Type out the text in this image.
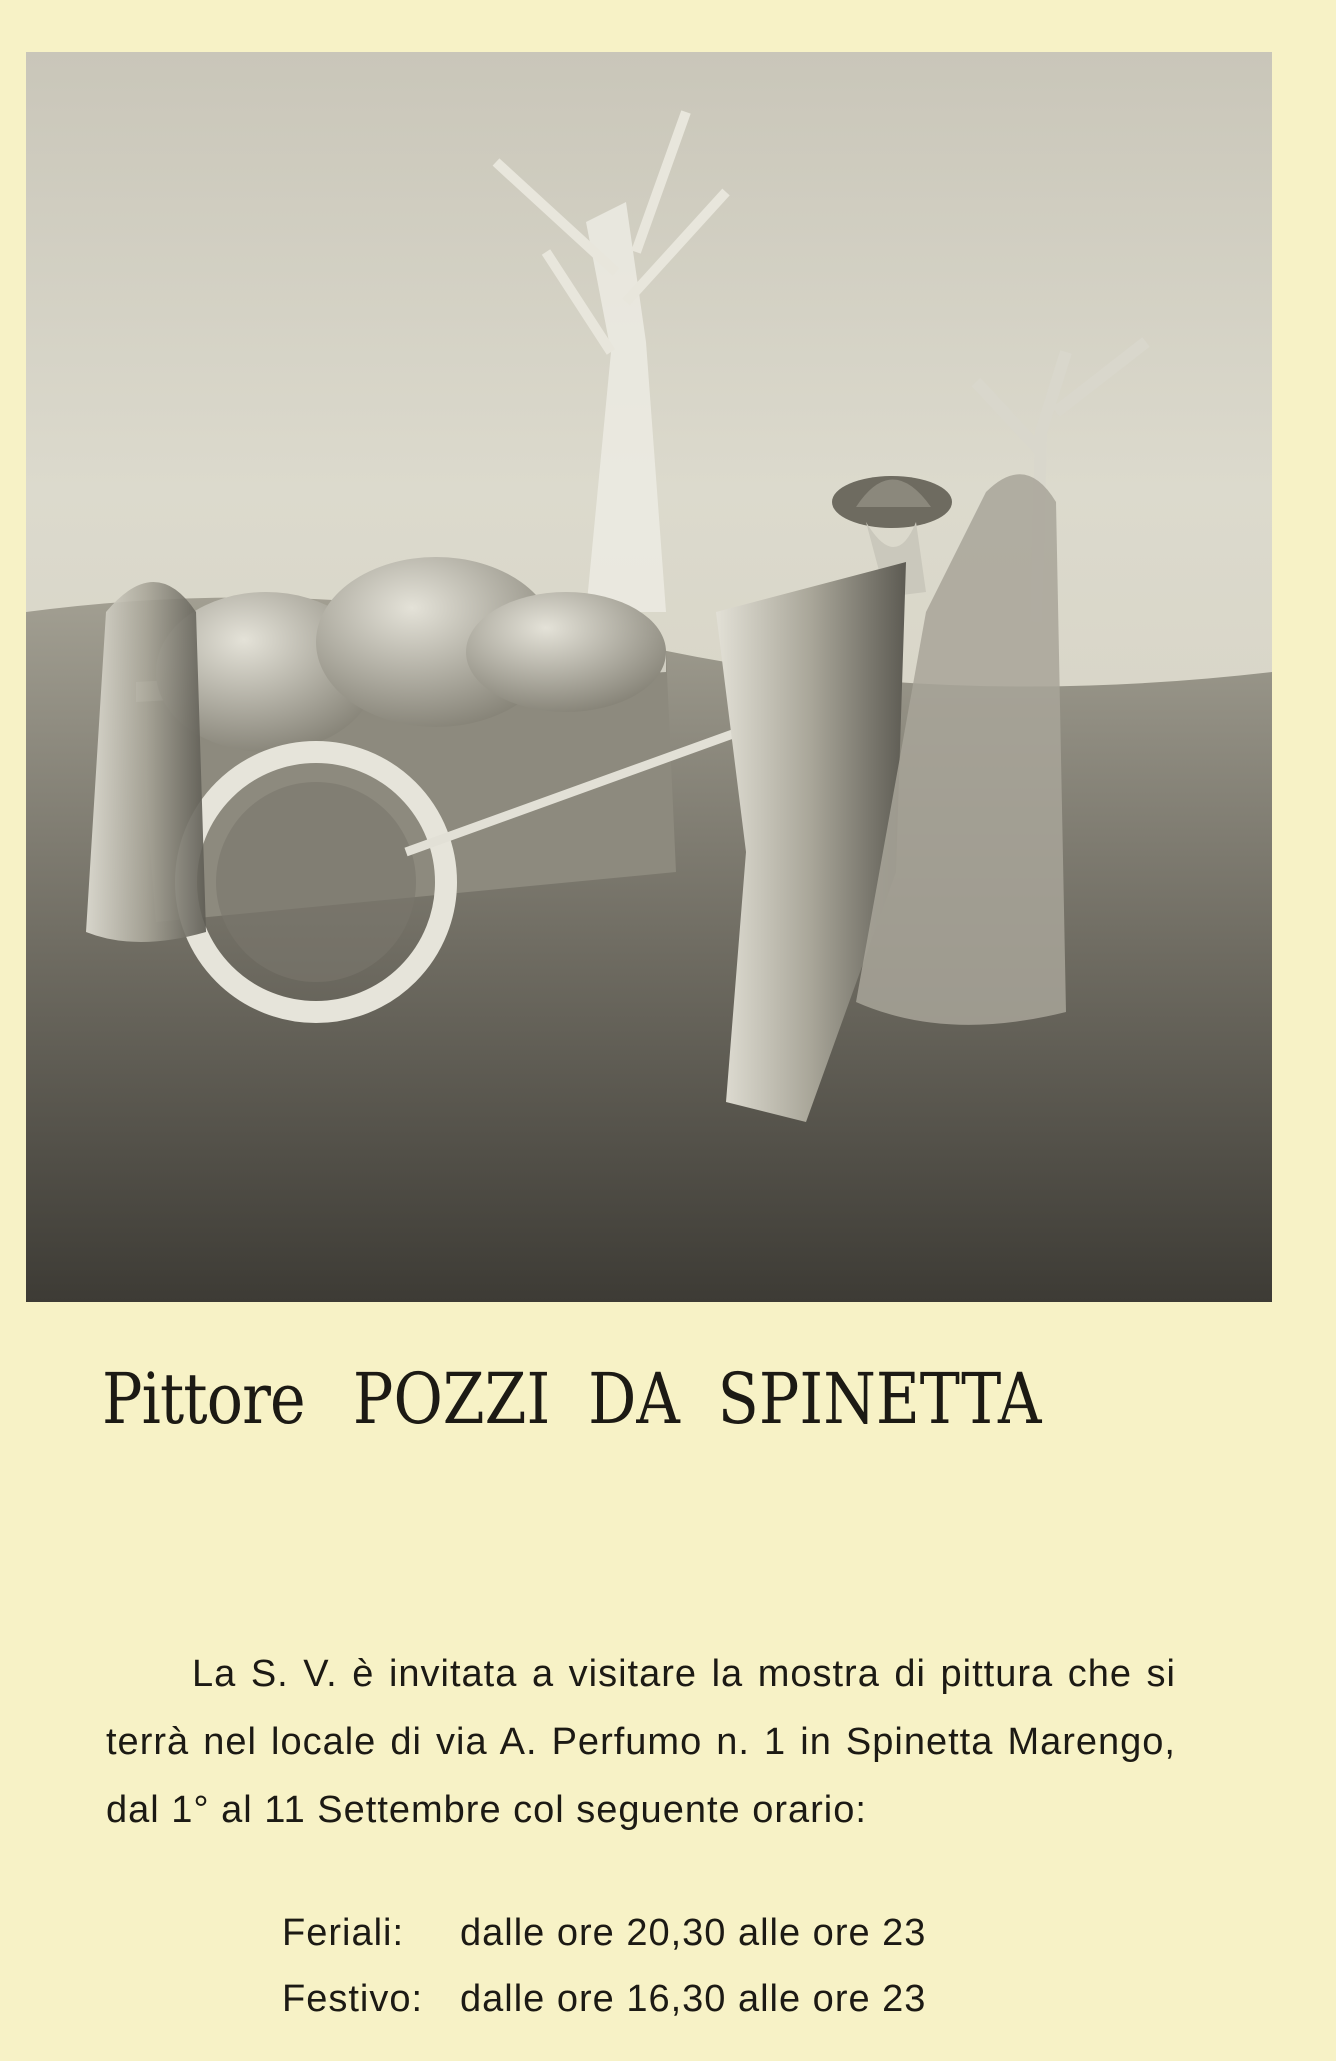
Pittore POZZI DA SPINETTA

La S. V. è invitata a visitare la mostra di pittura che si terrà nel locale di via A. Perfumo n. 1 in Spinetta Marengo, dal 1° al 11 Settembre col seguente orario:

Feriali: dalle ore 20,30 alle ore 23
Festivo: dalle ore 16,30 alle ore 23
